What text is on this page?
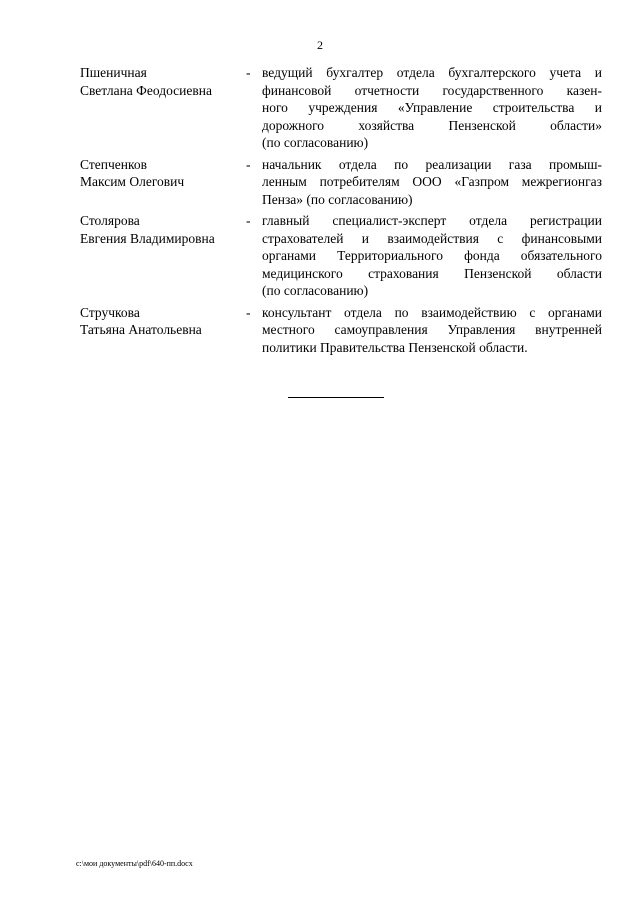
2
Пшеничная
Светлана Феодосиевна
- ведущий бухгалтер отдела бухгалтерского учета и
финансовой отчетности государственного казен-
ного учреждения «Управление строительства и
дорожного хозяйства Пензенской области»
(по согласованию)
Степченков
Максим Олегович
- начальник отдела по реализации газа промыш-
ленным потребителям ООО «Газпром межрегионгаз
Пенза» (по согласованию)
Столярова
Евгения Владимировна
- главный специалист-эксперт отдела регистрации
страхователей и взаимодействия с финансовыми
органами Территориального фонда обязательного
медицинского страхования Пензенской области
(по согласованию)
Стручкова
Татьяна Анатольевна
- консультант отдела по взаимодействию с органами
местного самоуправления Управления внутренней
политики Правительства Пензенской области.
c:\мои документы\pdf\640-пп.docx
